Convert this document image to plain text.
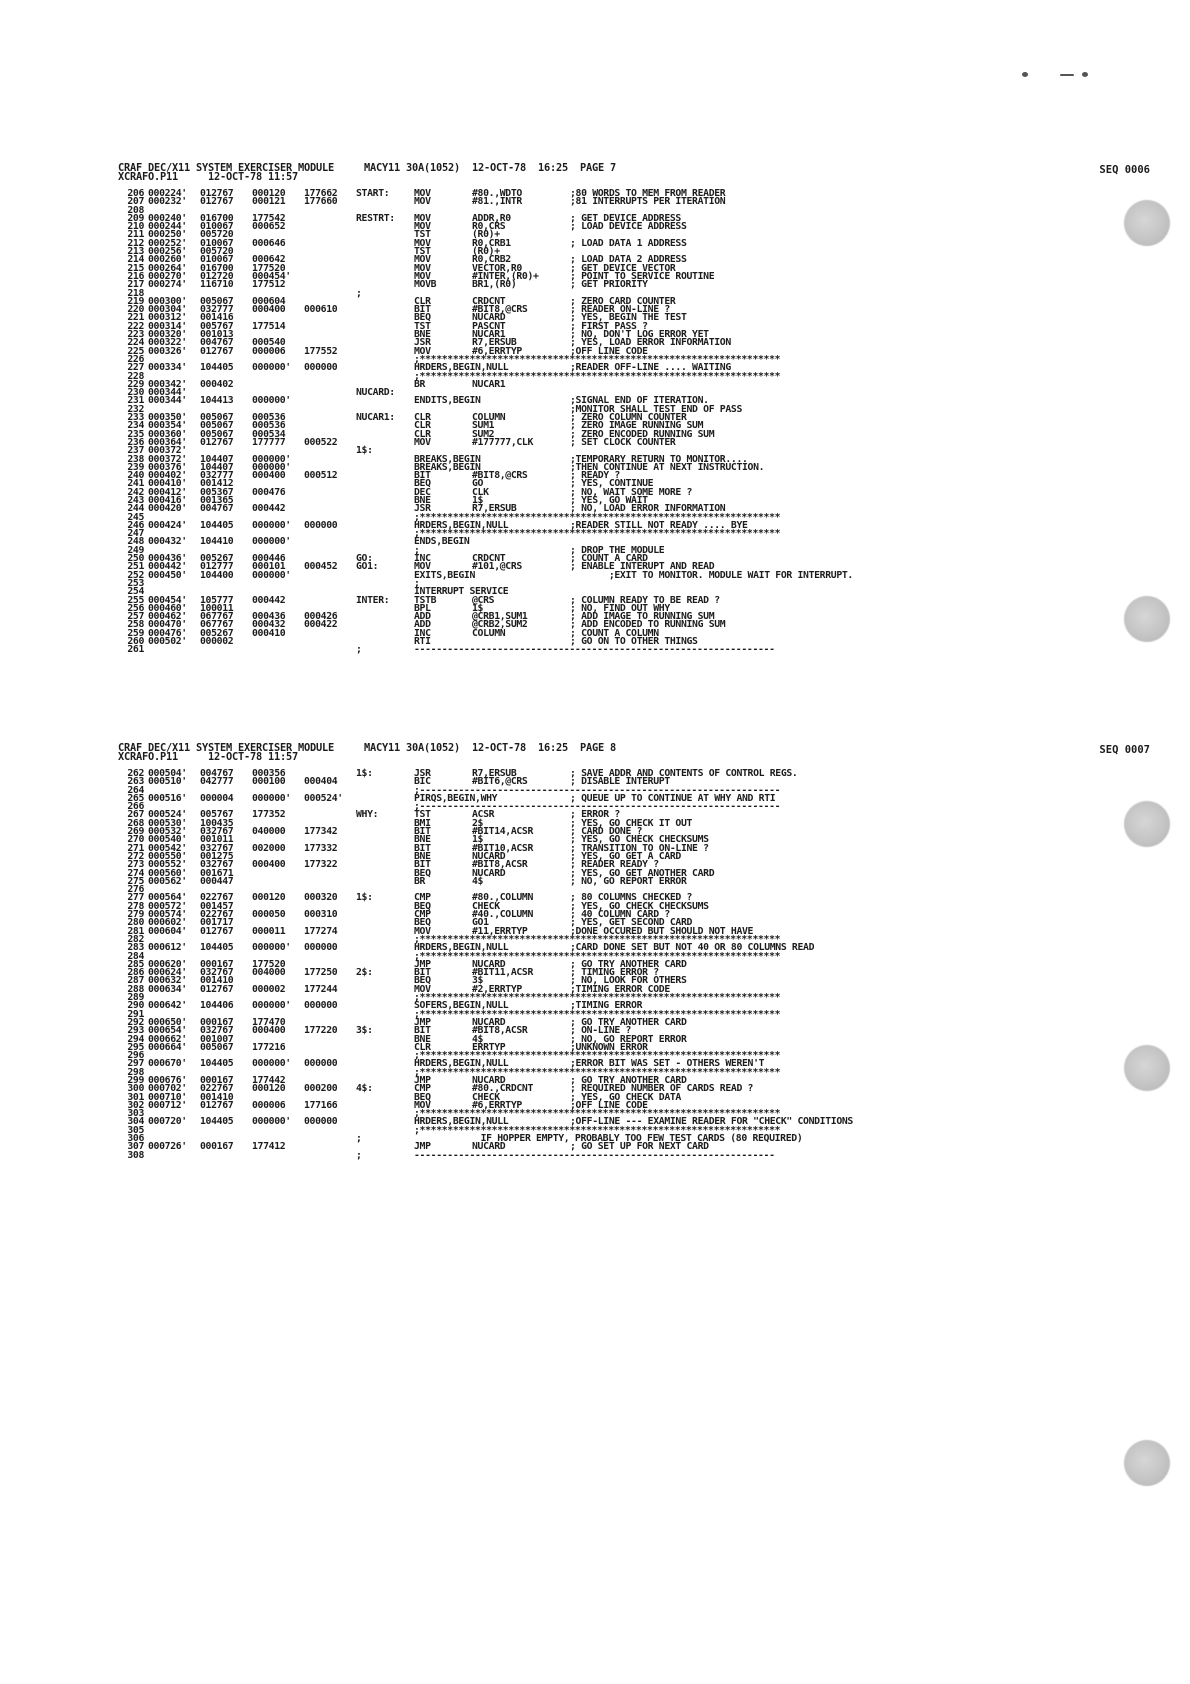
CRAF DEC/X11 SYSTEM EXERCISER MODULE     MACY11 30A(1052)  12-OCT-78  16:25  PAGE 7
XCRAFO.P11     12-OCT-78 11:57
SEQ 0006
206 000224'	012767	000120	177662	START:	MOV	#80.,WDTO	;80 WORDS TO MEM FROM READER
207 000232'	012767	000121	177660	MOV	#81.,INTR	;81 INTERRUPTS PER ITERATION
208
209 000240'	016700	177542	RESTRT:	MOV	ADDR,R0	; GET DEVICE ADDRESS
210 000244'	010067	000652	MOV	R0,CRS	; LOAD DEVICE ADDRESS
211 000250'	005720	TST	(R0)+
212 000252'	010067	000646	MOV	R0,CRB1	; LOAD DATA 1 ADDRESS
213 000256'	005720	TST	(R0)+
214 000260'	010067	000642	MOV	R0,CRB2	; LOAD DATA 2 ADDRESS
215 000264'	016700	177520	MOV	VECTOR,R0	; GET DEVICE VECTOR
216 000270'	012720	000454'	MOV	#INTER,(R0)+	; POINT TO SERVICE ROUTINE
217 000274'	116710	177512	MOVB	BR1,(R0)	; GET PRIORITY
218	;
219 000300'	005067	000604	CLR	CRDCNT	; ZERO CARD COUNTER
220 000304'	032777	000400	000610	BIT	#BIT8,@CRS	; READER ON-LINE ?
221 000312'	001416	BEQ	NUCARD	; YES, BEGIN THE TEST
222 000314'	005767	177514	TST	PASCNT	; FIRST PASS ?
223 000320'	001013	BNE	NUCAR1	; NO, DON'T LOG ERROR YET
224 000322'	004767	000540	JSR	R7,ERSUB	; YES, LOAD ERROR INFORMATION
225 000326'	012767	000006	177552	MOV	#6,ERRTYP	;OFF LINE CODE
226	;*****************************************************************
227 000334'	104405	000000'	000000	HRDERS,BEGIN,NULL	;READER OFF-LINE .... WAITING
228	;*****************************************************************
229 000342'	000402	BR	NUCAR1
230 000344'	NUCARD:
231 000344'	104413	000000'	ENDITS,BEGIN	;SIGNAL END OF ITERATION.
232	;MONITOR SHALL TEST END OF PASS
233 000350'	005067	000536	NUCAR1:	CLR	COLUMN	; ZERO COLUMN COUNTER
234 000354'	005067	000536	CLR	SUM1	; ZERO IMAGE RUNNING SUM
235 000360'	005067	000534	CLR	SUM2	; ZERO ENCODED RUNNING SUM
236 000364'	012767	177777	000522	MOV	#177777,CLK	; SET CLOCK COUNTER
237 000372'	1$:
238 000372'	104407	000000'	BREAKS,BEGIN	;TEMPORARY RETURN TO MONITOR....
239 000376'	104407	000000'	BREAKS,BEGIN	;THEN CONTINUE AT NEXT INSTRUCTION.
240 000402'	032777	000400	000512	BIT	#BIT8,@CRS	; READY ?
241 000410'	001412	BEQ	GO	; YES, CONTINUE
242 000412'	005367	000476	DEC	CLK	; NO, WAIT SOME MORE ?
243 000416'	001365	BNE	1$	; YES, GO WAIT
244 000420'	004767	000442	JSR	R7,ERSUB	; NO, LOAD ERROR INFORMATION
245	;*****************************************************************
246 000424'	104405	000000'	000000	HRDERS,BEGIN,NULL	;READER STILL NOT READY .... BYE
247	;*****************************************************************
248 000432'	104410	000000'	ENDS,BEGIN
249	;	; DROP THE MODULE
250 000436'	005267	000446	GO:	INC	CRDCNT	; COUNT A CARD
251 000442'	012777	000101	000452	GO1:	MOV	#101,@CRS	; ENABLE INTERUPT AND READ
252 000450'	104400	000000'	EXITS,BEGIN	;EXIT TO MONITOR. MODULE WAIT FOR INTERRUPT.
253	;
254	INTERRUPT SERVICE
255 000454'	105777	000442	INTER:	TSTB	@CRS	; COLUMN READY TO BE READ ?
256 000460'	100011	BPL	1$	; NO, FIND OUT WHY
257 000462'	067767	000436	000426	ADD	@CRB1,SUM1	; ADD IMAGE TO RUNNING SUM
258 000470'	067767	000432	000422	ADD	@CRB2,SUM2	; ADD ENCODED TO RUNNING SUM
259 000476'	005267	000410	INC	COLUMN	; COUNT A COLUMN
260 000502'	000002	RTI	; GO ON TO OTHER THINGS
261	;	-----------------------------------------------------------------
CRAF DEC/X11 SYSTEM EXERCISER MODULE     MACY11 30A(1052)  12-OCT-78  16:25  PAGE 8
XCRAFO.P11     12-OCT-78 11:57
SEQ 0007
262 000504'	004767	000356	1$:	JSR	R7,ERSUB	; SAVE ADDR AND CONTENTS OF CONTROL REGS.
263 000510'	042777	000100	000404	BIC	#BIT6,@CRS	; DISABLE INTERUPT
264	;-----------------------------------------------------------------
265 000516'	000004	000000'	000524'	PIRQS,BEGIN,WHY	; QUEUE UP TO CONTINUE AT WHY AND RTI
266	;-----------------------------------------------------------------
267 000524'	005767	177352	WHY:	TST	ACSR	; ERROR ?
268 000530'	100435	BMI	2$	; YES, GO CHECK IT OUT
269 000532'	032767	040000	177342	BIT	#BIT14,ACSR	; CARD DONE ?
270 000540'	001011	BNE	1$	; YES, GO CHECK CHECKSUMS
271 000542'	032767	002000	177332	BIT	#BIT10,ACSR	; TRANSITION TO ON-LINE ?
272 000550'	001275	BNE	NUCARD	; YES, GO GET A CARD
273 000552'	032767	000400	177322	BIT	#BIT8,ACSR	; READER READY ?
274 000560'	001671	BEQ	NUCARD	; YES, GO GET ANOTHER CARD
275 000562'	000447	BR	4$	; NO, GO REPORT ERROR
276
277 000564'	022767	000120	000320	1$:	CMP	#80.,COLUMN	; 80 COLUMNS CHECKED ?
278 000572'	001457	BEQ	CHECK	; YES, GO CHECK CHECKSUMS
279 000574'	022767	000050	000310	CMP	#40.,COLUMN	; 40 COLUMN CARD ?
280 000602'	001717	BEQ	GO1	; YES, GET SECOND CARD
281 000604'	012767	000011	177274	MOV	#11,ERRTYP	;DONE OCCURED BUT SHOULD NOT HAVE
282	;*****************************************************************
283 000612'	104405	000000'	000000	HRDERS,BEGIN,NULL	;CARD DONE SET BUT NOT 40 OR 80 COLUMNS READ
284	;*****************************************************************
285 000620'	000167	177520	JMP	NUCARD	; GO TRY ANOTHER CARD
286 000624'	032767	004000	177250	2$:	BIT	#BIT11,ACSR	; TIMING ERROR ?
287 000632'	001410	BEQ	3$	; NO, LOOK FOR OTHERS
288 000634'	012767	000002	177244	MOV	#2,ERRTYP	;TIMING ERROR CODE
289	;*****************************************************************
290 000642'	104406	000000'	000000	SOFERS,BEGIN,NULL	;TIMING ERROR
291	;*****************************************************************
292 000650'	000167	177470	JMP	NUCARD	; GO TRY ANOTHER CARD
293 000654'	032767	000400	177220	3$:	BIT	#BIT8,ACSR	; ON-LINE ?
294 000662'	001007	BNE	4$	; NO, GO REPORT ERROR
295 000664'	005067	177216	CLR	ERRTYP	;UNKNOWN ERROR
296	;*****************************************************************
297 000670'	104405	000000'	000000	HRDERS,BEGIN,NULL	;ERROR BIT WAS SET - OTHERS WEREN'T
298	;*****************************************************************
299 000676'	000167	177442	JMP	NUCARD	; GO TRY ANOTHER CARD
300 000702'	022767	000120	000200	4$:	CMP	#80.,CRDCNT	; REQUIRED NUMBER OF CARDS READ ?
301 000710'	001410	BEQ	CHECK	; YES, GO CHECK DATA
302 000712'	012767	000006	177166	MOV	#6,ERRTYP	;OFF LINE CODE
303	;*****************************************************************
304 000720'	104405	000000'	000000	HRDERS,BEGIN,NULL	;OFF-LINE --- EXAMINE READER FOR "CHECK" CONDITIONS
305	;*****************************************************************
306	;	IF HOPPER EMPTY, PROBABLY TOO FEW TEST CARDS (80 REQUIRED)
307 000726'	000167	177412	JMP	NUCARD	; GO SET UP FOR NEXT CARD
308	;	-----------------------------------------------------------------
